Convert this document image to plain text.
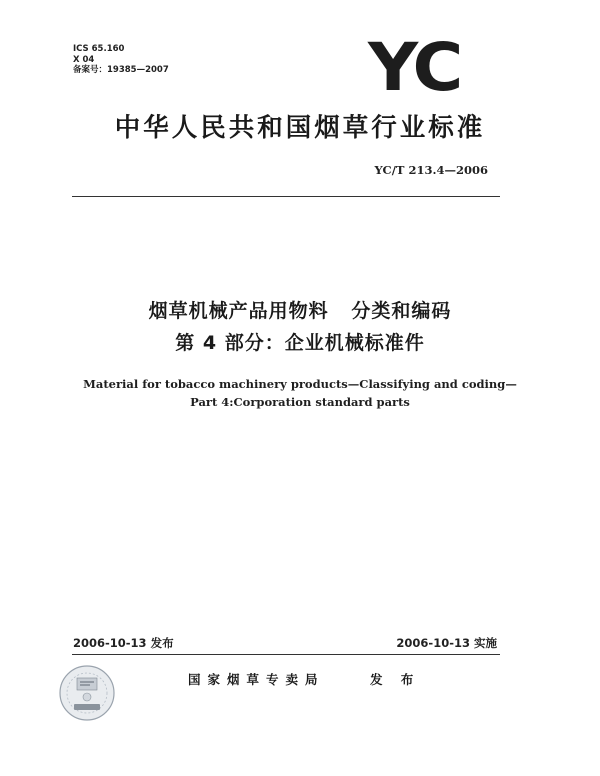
ICS 65.160
X 04
备案号：19385—2007	YC
中华人民共和国烟草行业标准
YC/T 213.4—2006
烟草机械产品用物料   分类和编码
第 4 部分：企业机械标准件
Material for tobacco machinery products—Classifying and coding—
Part 4:Corporation standard parts
2006-10-13 发布	2006-10-13 实施
国家烟草专卖局	发 布
